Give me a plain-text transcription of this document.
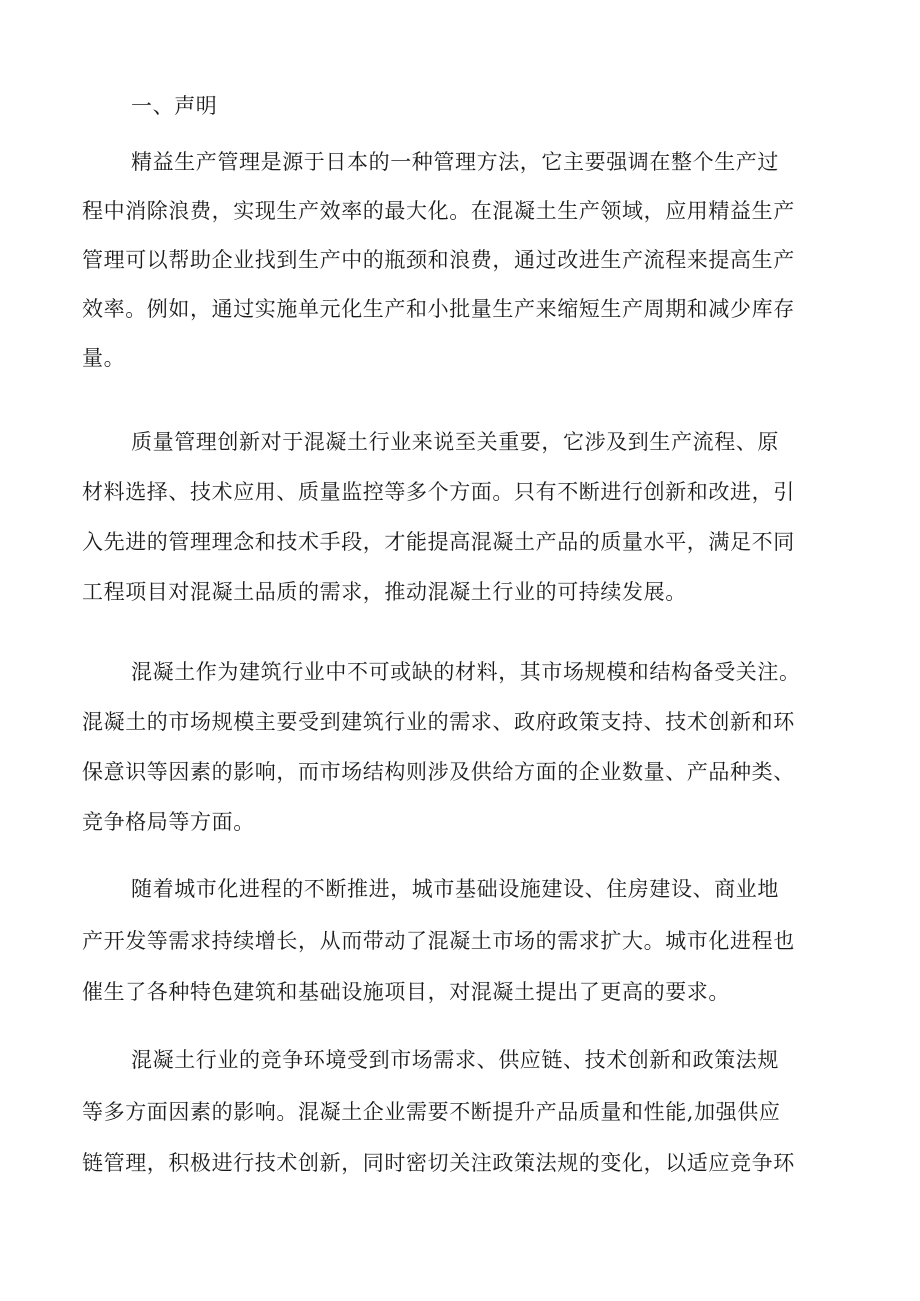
一、声明
精益生产管理是源于日本的一种管理方法，它主要强调在整个生产过
程中消除浪费，实现生产效率的最大化。在混凝土生产领域，应用精益生产
管理可以帮助企业找到生产中的瓶颈和浪费，通过改进生产流程来提高生产
效率。例如，通过实施单元化生产和小批量生产来缩短生产周期和减少库存
量。
质量管理创新对于混凝土行业来说至关重要，它涉及到生产流程、原
材料选择、技术应用、质量监控等多个方面。只有不断进行创新和改进，引
入先进的管理理念和技术手段，才能提高混凝土产品的质量水平，满足不同
工程项目对混凝土品质的需求，推动混凝土行业的可持续发展。
混凝土作为建筑行业中不可或缺的材料，其市场规模和结构备受关注。
混凝土的市场规模主要受到建筑行业的需求、政府政策支持、技术创新和环
保意识等因素的影响，而市场结构则涉及供给方面的企业数量、产品种类、
竞争格局等方面。
随着城市化进程的不断推进，城市基础设施建设、住房建设、商业地
产开发等需求持续增长，从而带动了混凝土市场的需求扩大。城市化进程也
催生了各种特色建筑和基础设施项目，对混凝土提出了更高的要求。
混凝土行业的竞争环境受到市场需求、供应链、技术创新和政策法规
等多方面因素的影响。混凝土企业需要不断提升产品质量和性能,加强供应
链管理，积极进行技术创新，同时密切关注政策法规的变化，以适应竞争环
